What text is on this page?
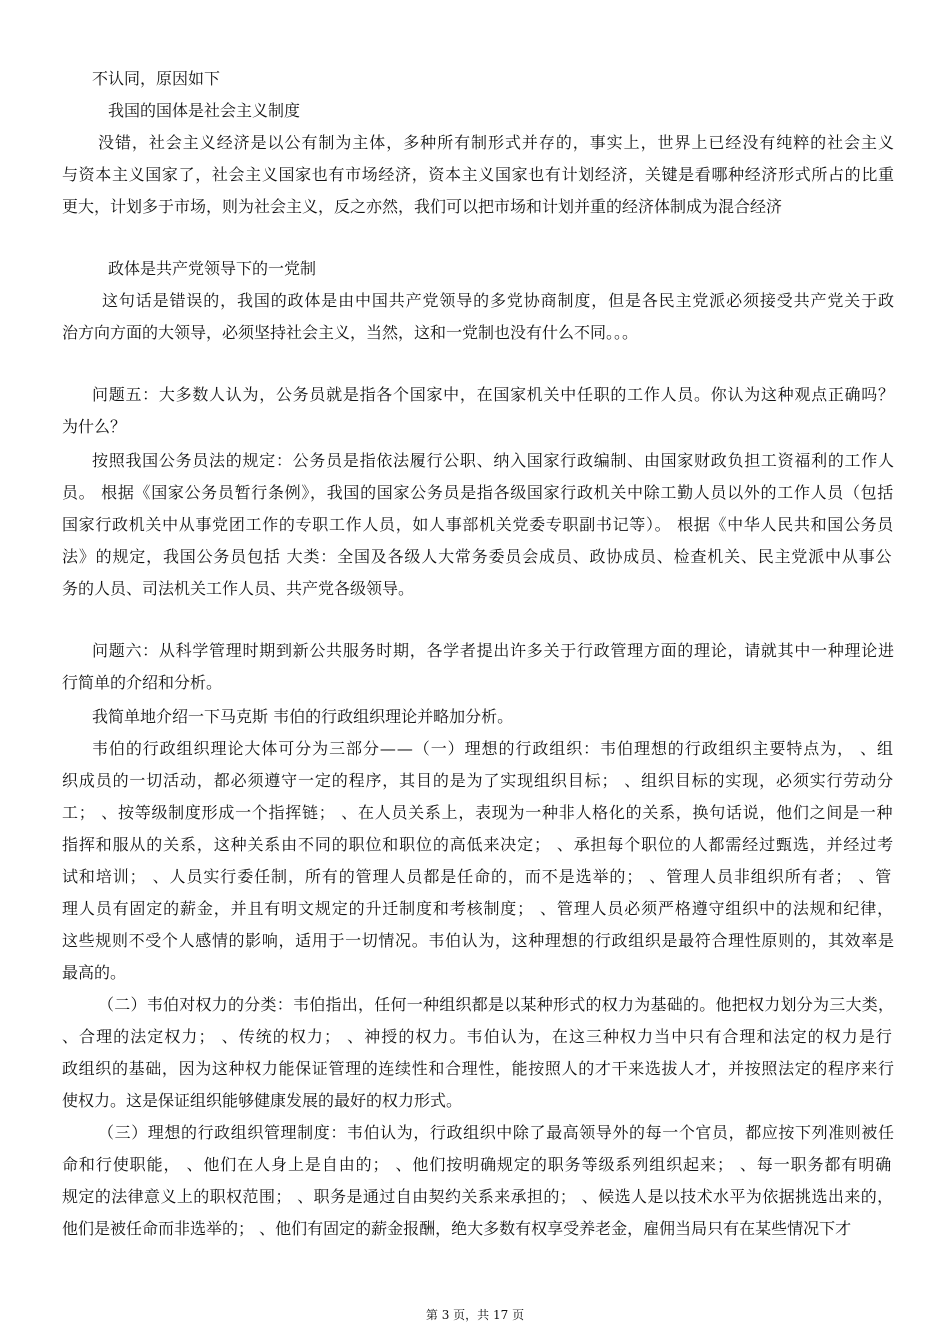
不认同，原因如下
我国的国体是社会主义制度
没错，社会主义经济是以公有制为主体，多种所有制形式并存的，事实上，世界上已经没有纯粹的社会主义
与资本主义国家了，社会主义国家也有市场经济，资本主义国家也有计划经济，关键是看哪种经济形式所占的比重
更大，计划多于市场，则为社会主义，反之亦然，我们可以把市场和计划并重的经济体制成为混合经济
政体是共产党领导下的一党制
这句话是错误的，我国的政体是由中国共产党领导的多党协商制度，但是各民主党派必须接受共产党关于政
治方向方面的大领导，必须坚持社会主义，当然，这和一党制也没有什么不同。。。
问题五：大多数人认为，公务员就是指各个国家中，在国家机关中任职的工作人员。你认为这种观点正确吗？
为什么？
按照我国公务员法的规定：公务员是指依法履行公职、纳入国家行政编制、由国家财政负担工资福利的工作人
员。 根据《国家公务员暂行条例》，我国的国家公务员是指各级国家行政机关中除工勤人员以外的工作人员（包括
国家行政机关中从事党团工作的专职工作人员，如人事部机关党委专职副书记等）。 根据《中华人民共和国公务员
法》的规定，我国公务员包括 大类：全国及各级人大常务委员会成员、政协成员、检查机关、民主党派中从事公
务的人员、司法机关工作人员、共产党各级领导。
问题六：从科学管理时期到新公共服务时期，各学者提出许多关于行政管理方面的理论，请就其中一种理论进
行简单的介绍和分析。
我简单地介绍一下马克斯 韦伯的行政组织理论并略加分析。
韦伯的行政组织理论大体可分为三部分——（一）理想的行政组织：韦伯理想的行政组织主要特点为， 、组
织成员的一切活动，都必须遵守一定的程序，其目的是为了实现组织目标； 、组织目标的实现，必须实行劳动分
工； 、按等级制度形成一个指挥链； 、在人员关系上，表现为一种非人格化的关系，换句话说，他们之间是一种
指挥和服从的关系，这种关系由不同的职位和职位的高低来决定； 、承担每个职位的人都需经过甄选，并经过考
试和培训； 、人员实行委任制，所有的管理人员都是任命的，而不是选举的； 、管理人员非组织所有者； 、管
理人员有固定的薪金，并且有明文规定的升迁制度和考核制度； 、管理人员必须严格遵守组织中的法规和纪律，
这些规则不受个人感情的影响，适用于一切情况。韦伯认为，这种理想的行政组织是最符合理性原则的，其效率是
最高的。
（二）韦伯对权力的分类：韦伯指出，任何一种组织都是以某种形式的权力为基础的。他把权力划分为三大类，
、合理的法定权力； 、传统的权力； 、神授的权力。韦伯认为，在这三种权力当中只有合理和法定的权力是行
政组织的基础，因为这种权力能保证管理的连续性和合理性，能按照人的才干来选拔人才，并按照法定的程序来行
使权力。这是保证组织能够健康发展的最好的权力形式。
（三）理想的行政组织管理制度：韦伯认为，行政组织中除了最高领导外的每一个官员，都应按下列准则被任
命和行使职能， 、他们在人身上是自由的； 、他们按明确规定的职务等级系列组织起来； 、每一职务都有明确
规定的法律意义上的职权范围； 、职务是通过自由契约关系来承担的； 、候选人是以技术水平为依据挑选出来的，
他们是被任命而非选举的； 、他们有固定的薪金报酬，绝大多数有权享受养老金，雇佣当局只有在某些情况下才
第 3 页，共 17 页
